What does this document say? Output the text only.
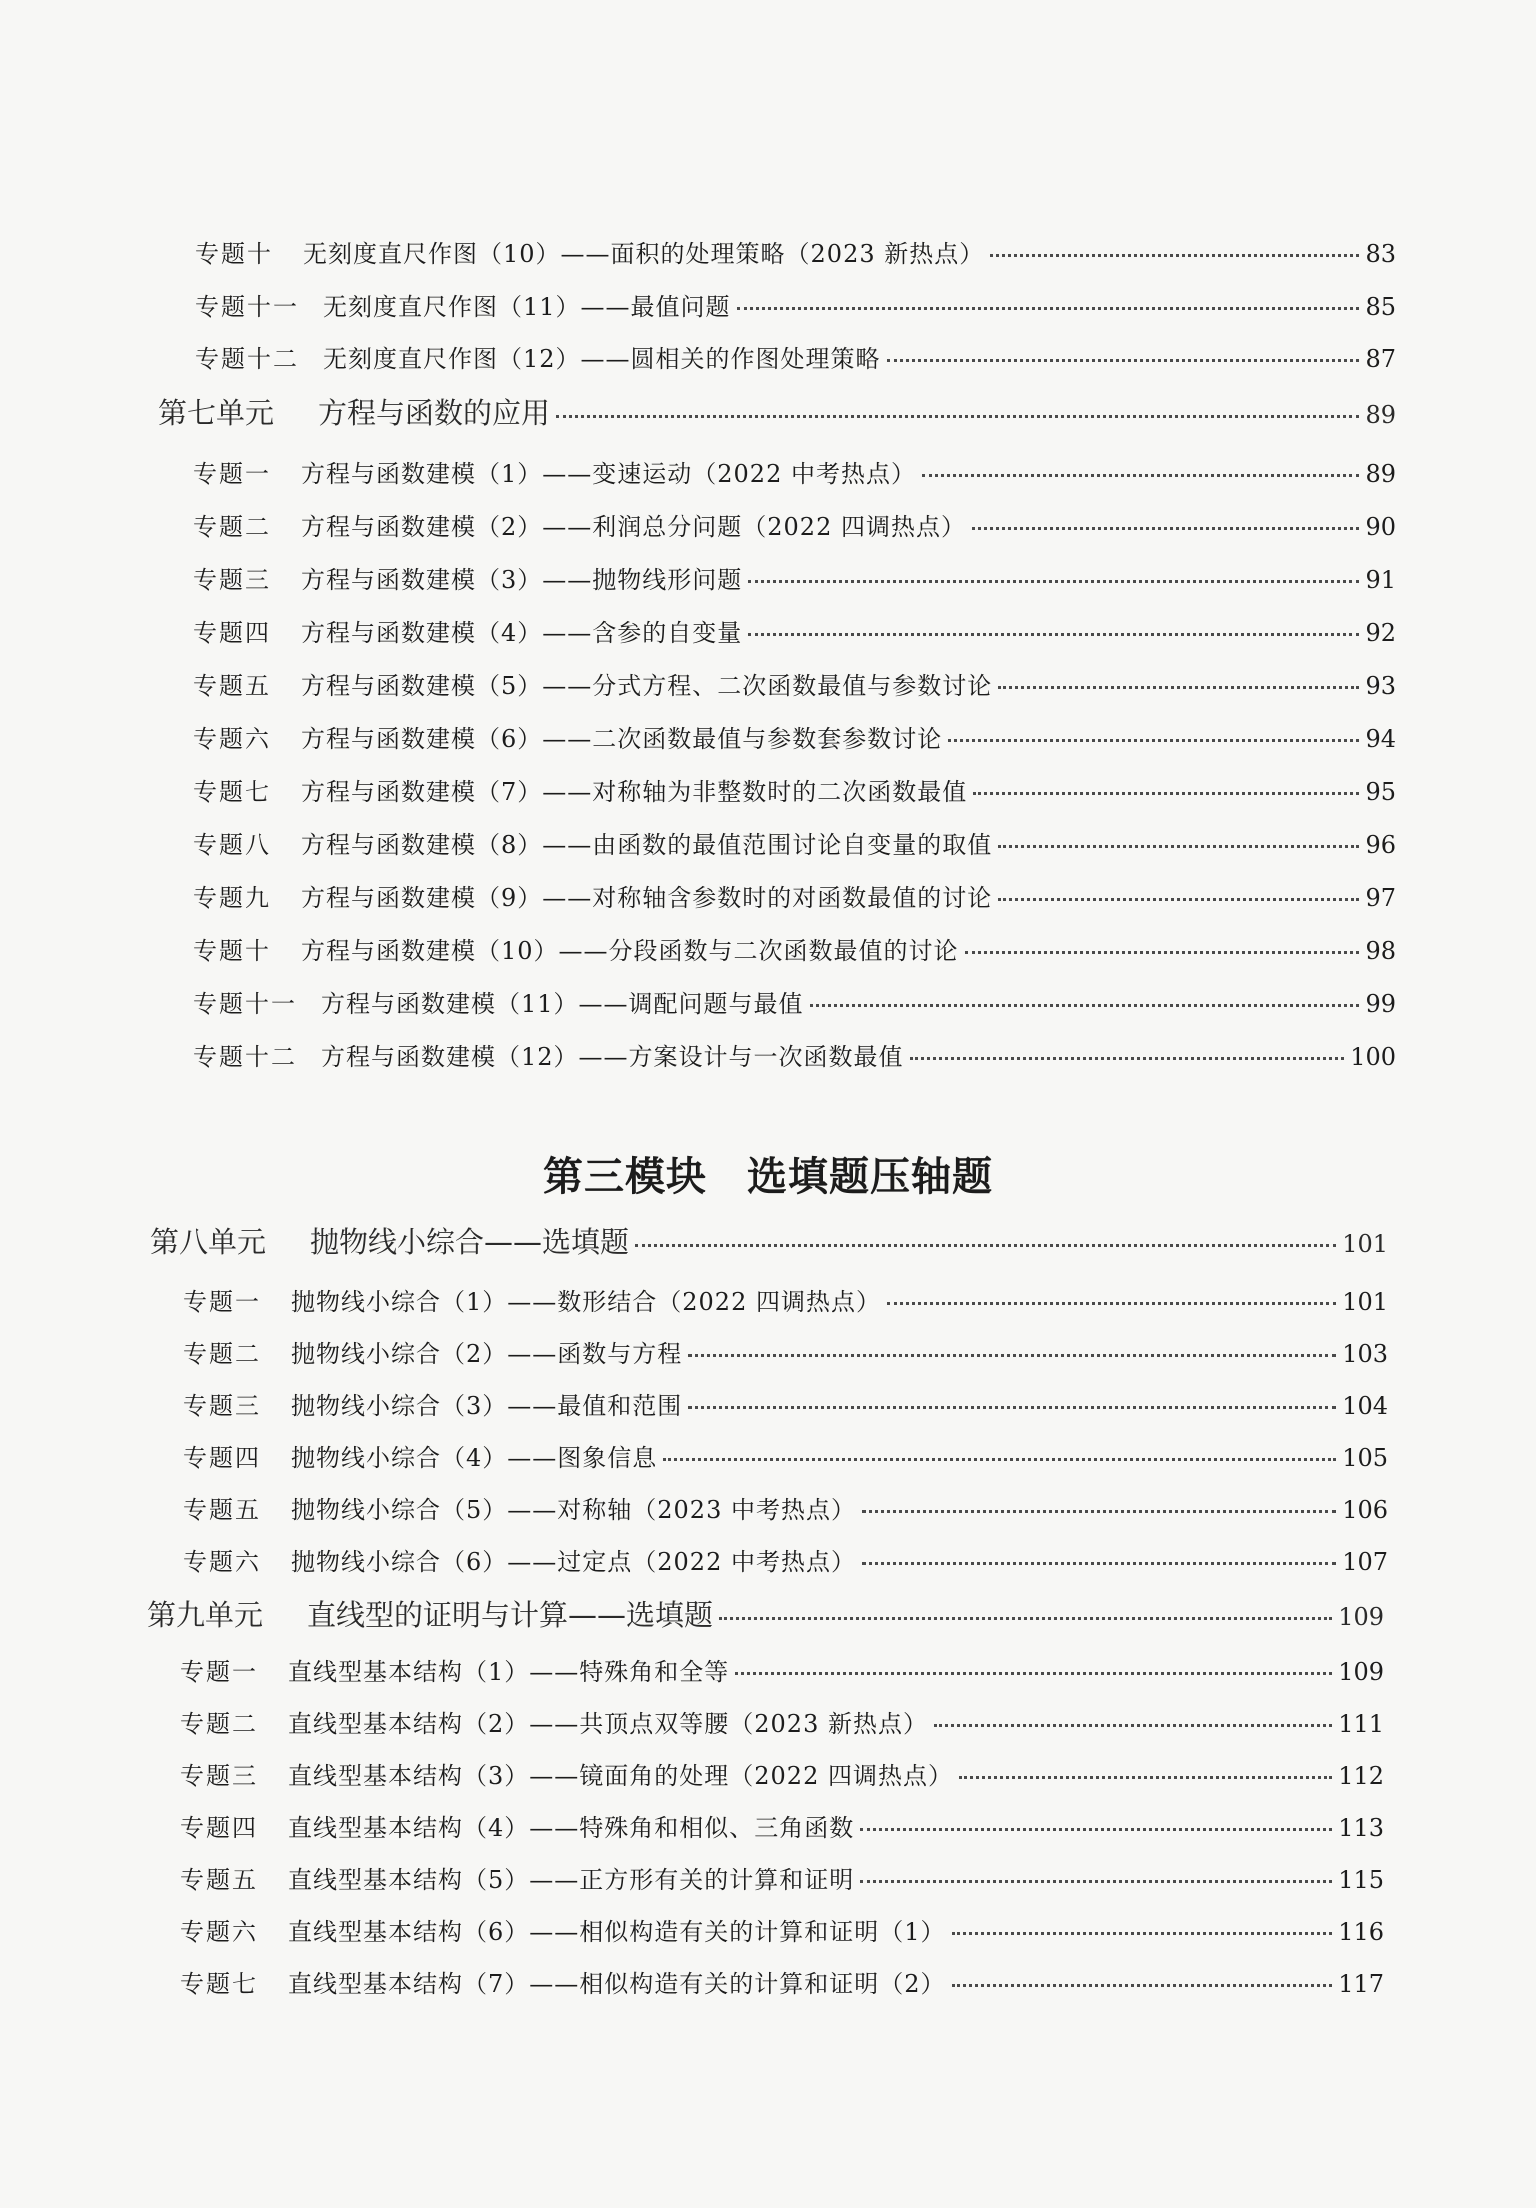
专题十	无刻度直尺作图（10）——面积的处理策略（2023 新热点）	83
专题十一	无刻度直尺作图（11）——最值问题	85
专题十二	无刻度直尺作图（12）——圆相关的作图处理策略	87
第七单元	方程与函数的应用	89
专题一	方程与函数建模（1）——变速运动（2022 中考热点）	89
专题二	方程与函数建模（2）——利润总分问题（2022 四调热点）	90
专题三	方程与函数建模（3）——抛物线形问题	91
专题四	方程与函数建模（4）——含参的自变量	92
专题五	方程与函数建模（5）——分式方程、二次函数最值与参数讨论	93
专题六	方程与函数建模（6）——二次函数最值与参数套参数讨论	94
专题七	方程与函数建模（7）——对称轴为非整数时的二次函数最值	95
专题八	方程与函数建模（8）——由函数的最值范围讨论自变量的取值	96
专题九	方程与函数建模（9）——对称轴含参数时的对函数最值的讨论	97
专题十	方程与函数建模（10）——分段函数与二次函数最值的讨论	98
专题十一	方程与函数建模（11）——调配问题与最值	99
专题十二	方程与函数建模（12）——方案设计与一次函数最值	100
第三模块 选填题压轴题
第八单元	抛物线小综合——选填题	101
专题一	抛物线小综合（1）——数形结合（2022 四调热点）	101
专题二	抛物线小综合（2）——函数与方程	103
专题三	抛物线小综合（3）——最值和范围	104
专题四	抛物线小综合（4）——图象信息	105
专题五	抛物线小综合（5）——对称轴（2023 中考热点）	106
专题六	抛物线小综合（6）——过定点（2022 中考热点）	107
第九单元	直线型的证明与计算——选填题	109
专题一	直线型基本结构（1）——特殊角和全等	109
专题二	直线型基本结构（2）——共顶点双等腰（2023 新热点）	111
专题三	直线型基本结构（3）——镜面角的处理（2022 四调热点）	112
专题四	直线型基本结构（4）——特殊角和相似、三角函数	113
专题五	直线型基本结构（5）——正方形有关的计算和证明	115
专题六	直线型基本结构（6）——相似构造有关的计算和证明（1）	116
专题七	直线型基本结构（7）——相似构造有关的计算和证明（2）	117
